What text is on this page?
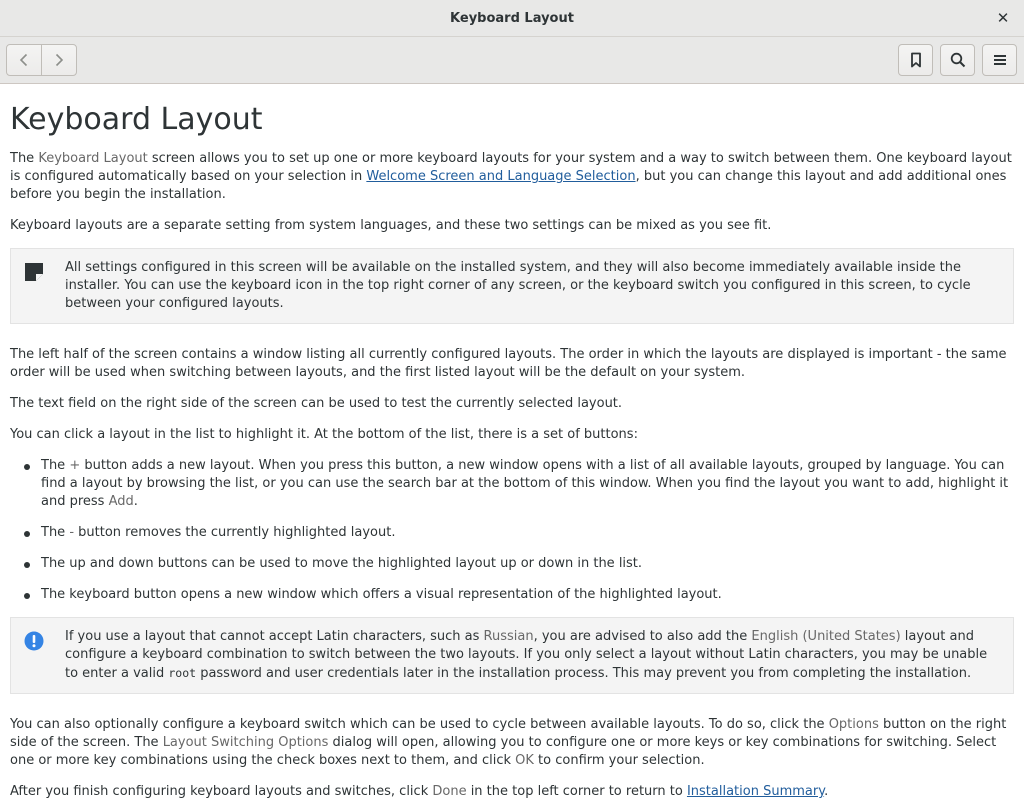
Keyboard Layout	✕
Keyboard Layout

The Keyboard Layout screen allows you to set up one or more keyboard layouts for your system and a way to switch between them. One keyboard layout is configured automatically based on your selection in Welcome Screen and Language Selection, but you can change this layout and add additional ones before you begin the installation.

Keyboard layouts are a separate setting from system languages, and these two settings can be mixed as you see fit.

All settings configured in this screen will be available on the installed system, and they will also become immediately available inside the installer. You can use the keyboard icon in the top right corner of any screen, or the keyboard switch you configured in this screen, to cycle between your configured layouts.

The left half of the screen contains a window listing all currently configured layouts. The order in which the layouts are displayed is important - the same order will be used when switching between layouts, and the first listed layout will be the default on your system.

The text field on the right side of the screen can be used to test the currently selected layout.

You can click a layout in the list to highlight it. At the bottom of the list, there is a set of buttons:

The + button adds a new layout. When you press this button, a new window opens with a list of all available layouts, grouped by language. You can find a layout by browsing the list, or you can use the search bar at the bottom of this window. When you find the layout you want to add, highlight it and press Add.
The - button removes the currently highlighted layout.
The up and down buttons can be used to move the highlighted layout up or down in the list.
The keyboard button opens a new window which offers a visual representation of the highlighted layout.
If you use a layout that cannot accept Latin characters, such as Russian, you are advised to also add the English (United States) layout and configure a keyboard combination to switch between the two layouts. If you only select a layout without Latin characters, you may be unable to enter a valid root password and user credentials later in the installation process. This may prevent you from completing the installation.

You can also optionally configure a keyboard switch which can be used to cycle between available layouts. To do so, click the Options button on the right side of the screen. The Layout Switching Options dialog will open, allowing you to configure one or more keys or key combinations for switching. Select one or more key combinations using the check boxes next to them, and click OK to confirm your selection.

After you finish configuring keyboard layouts and switches, click Done in the top left corner to return to Installation Summary.
